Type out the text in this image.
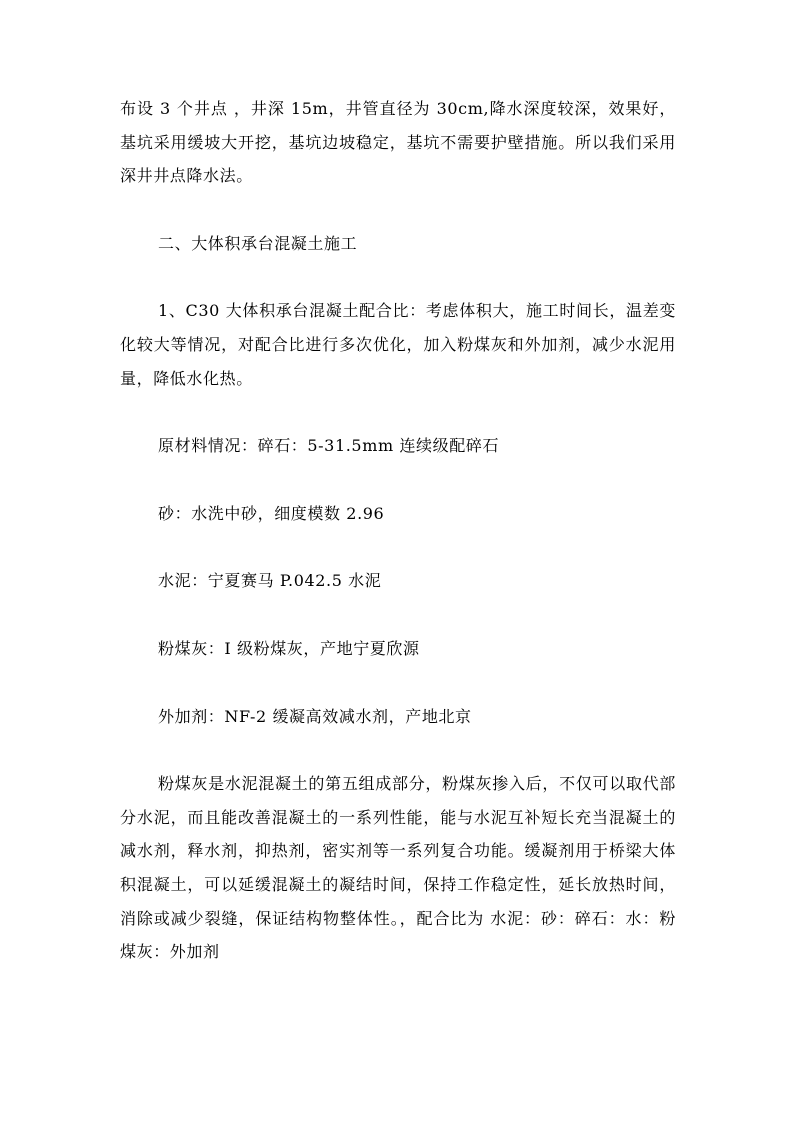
布设 3 个井点 ，井深 15m，井管直径为 30cm,降水深度较深，效果好，基坑采用缓坡大开挖，基坑边坡稳定，基坑不需要护壁措施。所以我们采用深井井点降水法。

二、大体积承台混凝土施工

1、C30 大体积承台混凝土配合比：考虑体积大，施工时间长，温差变化较大等情况，对配合比进行多次优化，加入粉煤灰和外加剂，减少水泥用量，降低水化热。

原材料情况：碎石：5-31.5mm 连续级配碎石

砂：水洗中砂，细度模数 2.96

水泥：宁夏赛马 P.042.5 水泥

粉煤灰：I 级粉煤灰，产地宁夏欣源

外加剂：NF-2 缓凝高效减水剂，产地北京

粉煤灰是水泥混凝土的第五组成部分，粉煤灰掺入后，不仅可以取代部分水泥，而且能改善混凝土的一系列性能，能与水泥互补短长充当混凝土的减水剂，释水剂，抑热剂，密实剂等一系列复合功能。缓凝剂用于桥梁大体积混凝土，可以延缓混凝土的凝结时间，保持工作稳定性，延长放热时间，消除或减少裂缝，保证结构物整体性。，配合比为 水泥：砂：碎石：水：粉煤灰：外加剂
